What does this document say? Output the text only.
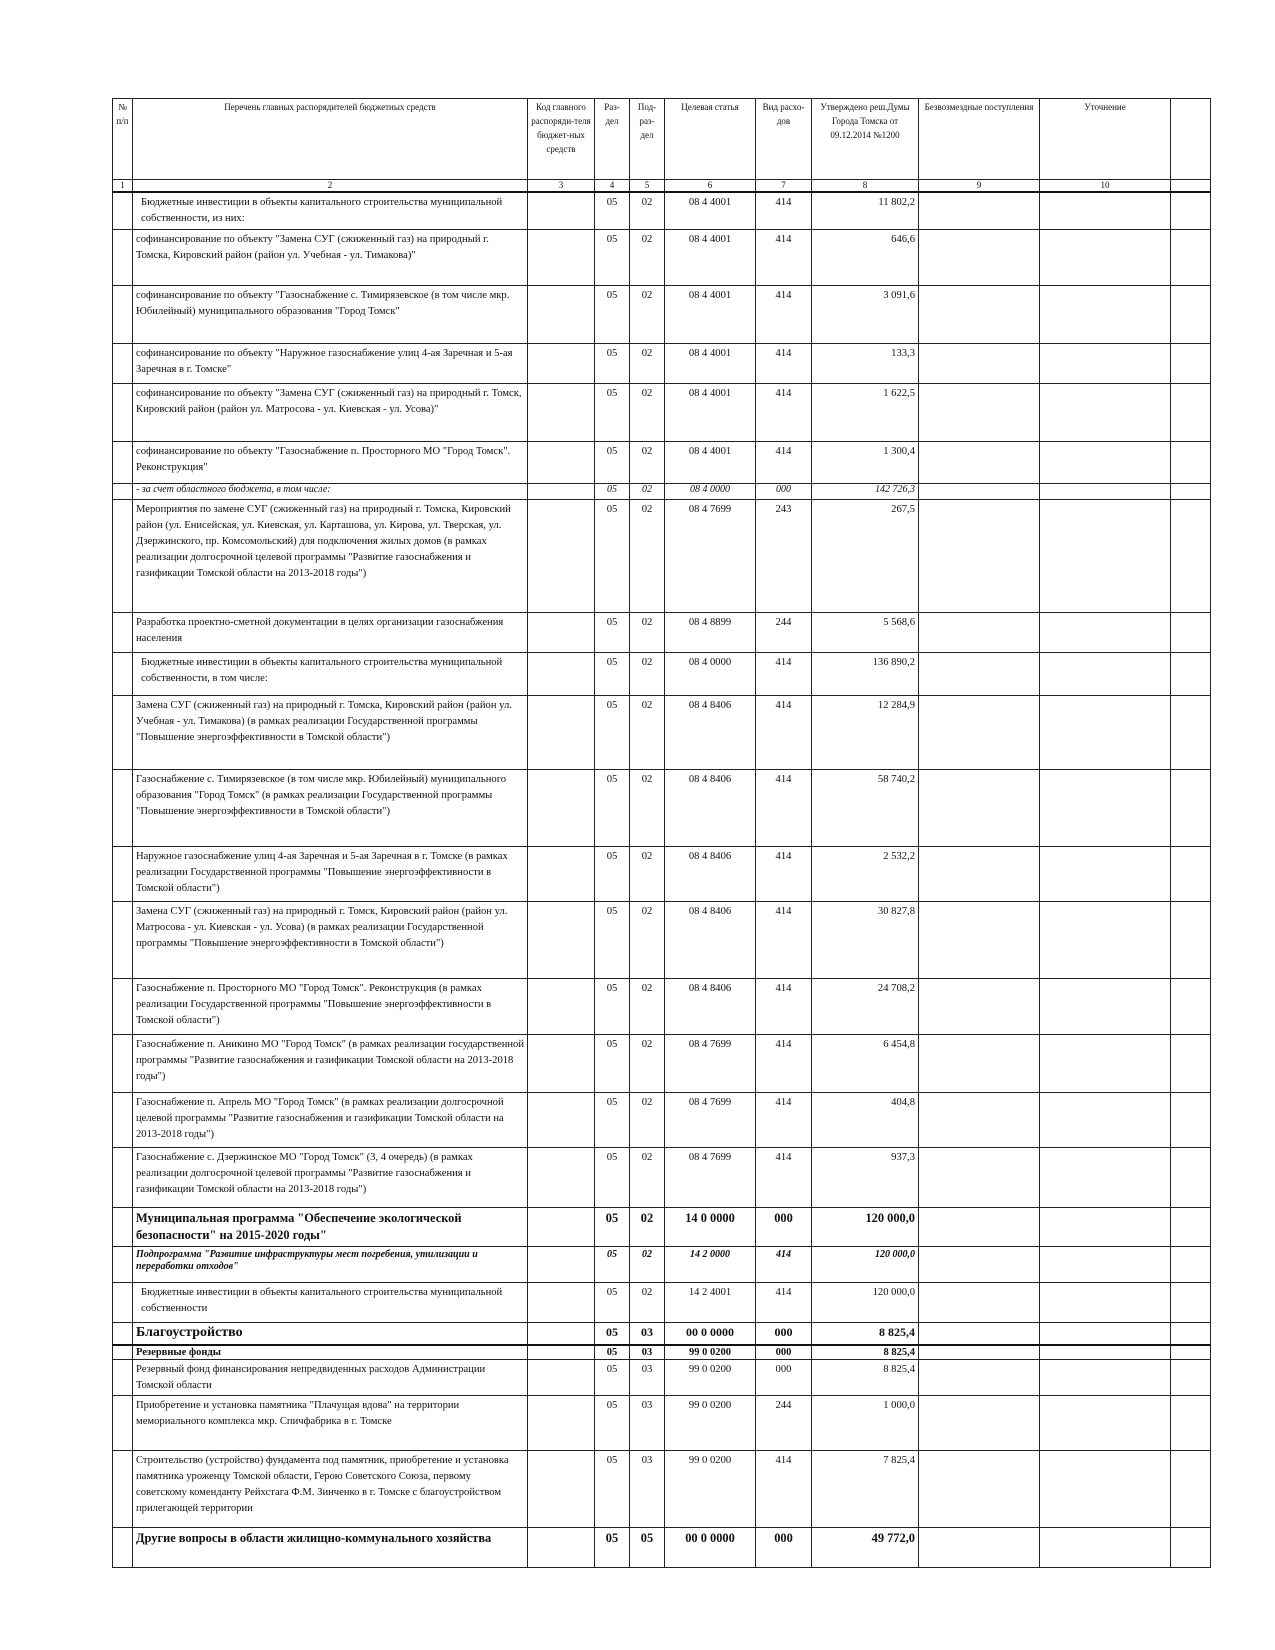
№ п/п	Перечень главных распорядителей бюджетных средств	Код главного распоряди-теля бюджет-ных средств	Раз-дел	Под-раз-дел	Целевая статья	Вид расхо-дов	Утверждено реш.Думы Города Томска от 09.12.2014 №1200	Безвозмездные поступления	Уточнение	
1	2	3	4	5	6	7	8	9	10	
	Бюджетные инвестиции в объекты капитального строительства муниципальной собственности, из них:		05	02	08 4 4001	414	11 802,2			
	софинансирование по объекту "Замена СУГ (сжиженный газ) на природный г. Томска, Кировский район (район ул. Учебная - ул. Тимакова)"		05	02	08 4 4001	414	646,6			
	софинансирование по объекту "Газоснабжение с. Тимирязевское (в том числе мкр. Юбилейный) муниципального образования "Город Томск"		05	02	08 4 4001	414	3 091,6			
	софинансирование по объекту "Наружное газоснабжение улиц 4-ая Заречная и 5-ая Заречная в г. Томске"		05	02	08 4 4001	414	133,3			
	софинансирование по объекту "Замена СУГ (сжиженный газ) на природный г. Томск, Кировский район (район ул. Матросова - ул. Киевская - ул. Усова)"		05	02	08 4 4001	414	1 622,5			
	софинансирование по объекту "Газоснабжение п. Просторного МО "Город Томск". Реконструкция"		05	02	08 4 4001	414	1 300,4			
	- за счет областного бюджета, в том числе:		05	02	08 4 0000	000	142 726,3			
	Мероприятия по замене СУГ (сжиженный газ) на природный г. Томска, Кировский район (ул. Енисейская, ул. Киевская, ул. Карташова, ул. Кирова, ул. Тверская, ул. Дзержинского, пр. Комсомольский) для подключения жилых домов (в рамках реализации долгосрочной целевой программы "Развитие газоснабжения и газификации Томской области на 2013-2018 годы")		05	02	08 4 7699	243	267,5			
	Разработка проектно-сметной документации в целях организации газоснабжения населения		05	02	08 4 8899	244	5 568,6			
	Бюджетные инвестиции в объекты капитального строительства муниципальной собственности, в том числе:		05	02	08 4 0000	414	136 890,2			
	Замена СУГ (сжиженный газ) на природный г. Томска, Кировский район (район ул. Учебная - ул. Тимакова) (в рамках реализации Государственной программы "Повышение энергоэффективности в Томской области")		05	02	08 4 8406	414	12 284,9			
	Газоснабжение с. Тимирязевское (в том числе мкр. Юбилейный) муниципального образования "Город Томск" (в рамках реализации Государственной программы "Повышение энергоэффективности в Томской области")		05	02	08 4 8406	414	58 740,2			
	Наружное газоснабжение улиц 4-ая Заречная и 5-ая Заречная в г. Томске (в рамках реализации Государственной программы "Повышение энергоэффективности в Томской области")		05	02	08 4 8406	414	2 532,2			
	Замена СУГ (сжиженный газ) на природный г. Томск, Кировский район (район ул. Матросова - ул. Киевская - ул. Усова) (в рамках реализации Государственной программы "Повышение энергоэффективности в Томской области")		05	02	08 4 8406	414	30 827,8			
	Газоснабжение п. Просторного МО "Город Томск". Реконструкция (в рамках реализации Государственной программы "Повышение энергоэффективности в Томской области")		05	02	08 4 8406	414	24 708,2			
	Газоснабжение п. Аникино МО "Город Томск" (в рамках реализации государственной программы "Развитие газоснабжения и газификации Томской области на 2013-2018 годы")		05	02	08 4 7699	414	6 454,8			
	Газоснабжение п. Апрель МО "Город Томск" (в рамках реализации долгосрочной целевой программы "Развитие газоснабжения и газификации Томской области на 2013-2018 годы")		05	02	08 4 7699	414	404,8			
	Газоснабжение с. Дзержинское МО "Город Томск" (3, 4 очередь) (в рамках реализации долгосрочной целевой программы "Развитие газоснабжения и газификации Томской области на 2013-2018 годы")		05	02	08 4 7699	414	937,3			
	Муниципальная программа "Обеспечение экологической безопасности" на 2015-2020 годы"		05	02	14 0 0000	000	120 000,0			
	Подпрограмма "Развитие инфраструктуры мест погребения, утилизации и переработки отходов"		05	02	14 2 0000	414	120 000,0			
	Бюджетные инвестиции в объекты капитального строительства муниципальной собственности		05	02	14 2 4001	414	120 000,0			
	Благоустройство		05	03	00 0 0000	000	8 825,4			
	Резервные фонды		05	03	99 0 0200	000	8 825,4			
	Резервный фонд финансирования непредвиденных расходов Администрации Томской области		05	03	99 0 0200	000	8 825,4			
	Приобретение и установка памятника "Плачущая вдова" на территории мемориального комплекса мкр. Спичфабрика в г. Томске		05	03	99 0 0200	244	1 000,0			
	Строительство (устройство) фундамента под памятник, приобретение и установка памятника уроженцу Томской области, Герою Советского Союза, первому советскому коменданту Рейхстага Ф.М. Зинченко в г. Томске с благоустройством прилегающей территории		05	03	99 0 0200	414	7 825,4			
	Другие вопросы в области жилищно-коммунального хозяйства		05	05	00 0 0000	000	49 772,0			
